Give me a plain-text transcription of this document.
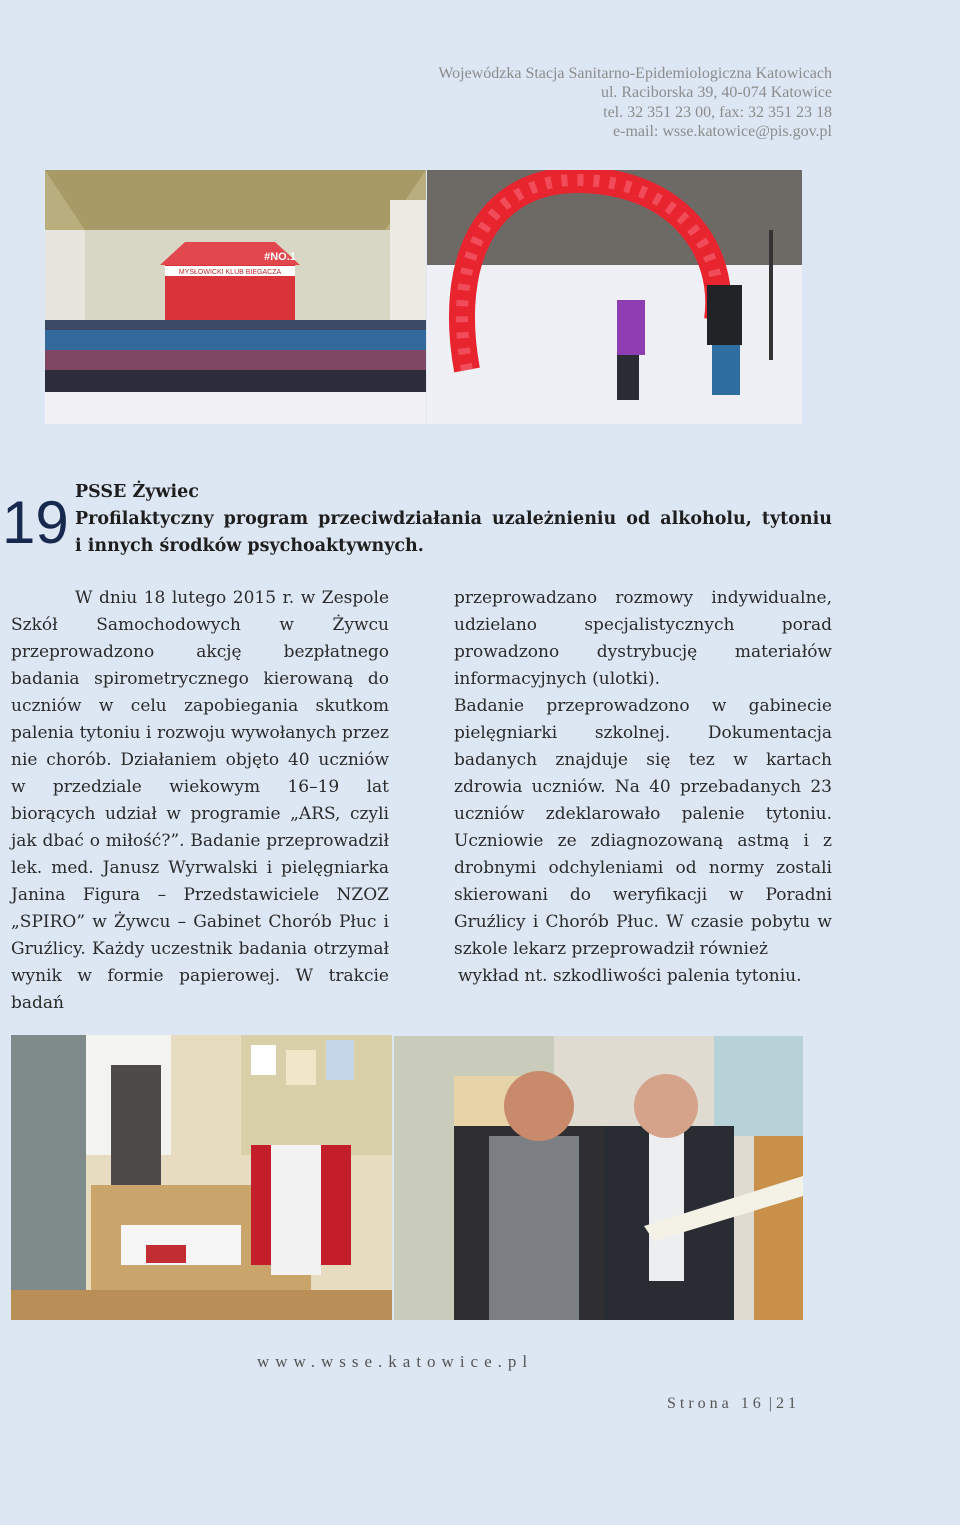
Wojewódzka Stacja Sanitarno-Epidemiologiczna Katowicach
ul. Raciborska 39, 40-074 Katowice
tel. 32 351 23 00, fax: 32 351 23 18
e-mail: wsse.katowice@pis.gov.pl
MYSŁOWICKI KLUB BIEGACZA
#NO.1
19 PSSE Żywiec
Profilaktyczny program przeciwdziałania uzależnieniu od alkoholu, tytoniu
i innych środków psychoaktywnych.

W dniu 18 lutego 2015 r. w Zespole Szkół Samochodowych w Żywcu przeprowadzono akcję bezpłatnego badania spirometrycznego kierowaną do uczniów w celu zapobiegania skutkom palenia tytoniu i rozwoju wywołanych przez nie chorób. Działaniem objęto 40 uczniów w przedziale wiekowym 16–19 lat biorących udział w programie „ARS, czyli jak dbać o miłość?”. Badanie przeprowadził lek. med. Janusz Wyrwalski i pielęgniarka Janina Figura – Przedstawiciele NZOZ „SPIRO” w Żywcu – Gabinet Chorób Płuc i Gruźlicy. Każdy uczestnik badania otrzymał wynik w formie papierowej. W trakcie badań

przeprowadzano rozmowy indywidualne, udzielano specjalistycznych porad prowadzono dystrybucję materiałów informacyjnych (ulotki).

Badanie przeprowadzono w gabinecie pielęgniarki szkolnej. Dokumentacja badanych znajduje się tez w kartach zdrowia uczniów. Na 40 przebadanych 23 uczniów zdeklarowało palenie tytoniu. Uczniowie ze zdiagnozowaną astmą i z drobnymi odchyleniami od normy zostali skierowani do weryfikacji w Poradni Gruźlicy i Chorób Płuc. W czasie pobytu w szkole lekarz przeprowadził również

wykład nt. szkodliwości palenia tytoniu.

www.wsse.katowice.pl
Strona 16 | 21
